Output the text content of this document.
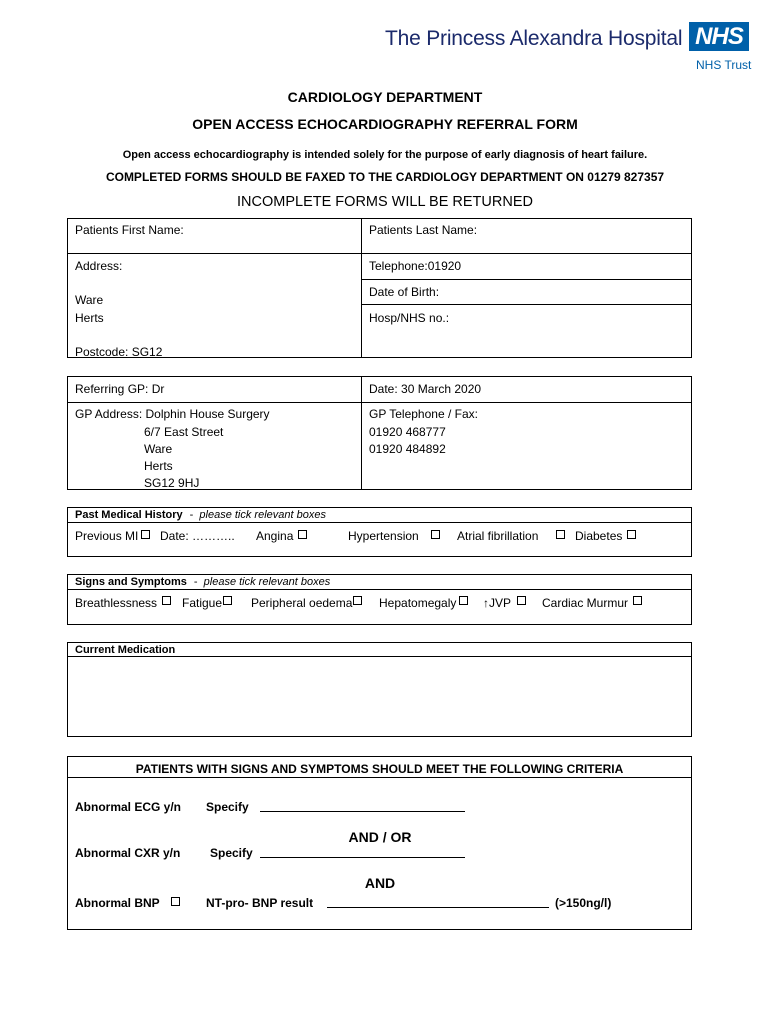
The Princess Alexandra Hospital NHS
NHS Trust
CARDIOLOGY DEPARTMENT
OPEN ACCESS ECHOCARDIOGRAPHY REFERRAL FORM
Open access echocardiography is intended solely for the purpose of early diagnosis of heart failure.
COMPLETED FORMS SHOULD BE FAXED TO THE CARDIOLOGY DEPARTMENT ON 01279 827357
INCOMPLETE FORMS WILL BE RETURNED
Patients First Name:	Patients Last Name:
Address:
Ware
Herts
Postcode: SG12
Telephone:01920
Date of Birth:
Hosp/NHS no.:
Referring GP: Dr	Date: 30 March 2020
GP Address: Dolphin House Surgery
6/7 East Street
Ware
Herts
SG12 9HJ
GP Telephone / Fax:
01920 468777
01920 484892
Past Medical History - please tick relevant boxes
Previous MI Date: ……….. Angina	Hypertension	Atrial fibrillation	Diabetes
Signs and Symptoms - please tick relevant boxes
Breathlessness Fatigue Peripheral oedema Hepatomegaly ↑JVP	Cardiac Murmur
Current Medication
PATIENTS WITH SIGNS AND SYMPTOMS SHOULD MEET THE FOLLOWING CRITERIA
Abnormal ECG y/n Specify
AND / OR
Abnormal CXR y/n Specify
AND
Abnormal BNP	NT-pro- BNP result	(>150ng/l)
